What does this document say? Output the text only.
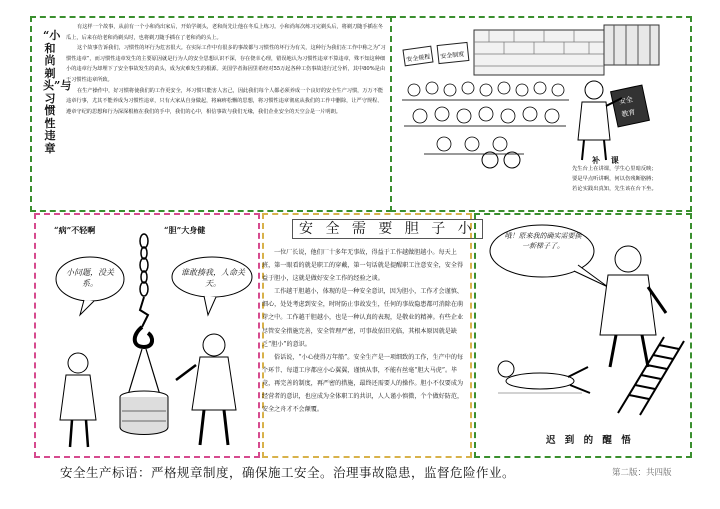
“小和尚剃头”与习惯性违章

有这样一个故事，从前有一个小和尚出家后，开始学剃头，老和尚先让他在冬瓜上练习。小和尚每次练习完剃头后，将剃刀随手插在冬瓜上，后来在给老和尚剃头时，也将剃刀随手插在了老和尚的头上。

这个故事告诉我们，习惯性的坏行为危害很大。在实际工作中有很多的事故都与习惯性的坏行为有关，这种行为我们在工作中称之为“习惯性违章”，而习惯性违章发生的主要原因就是行为人的安全思想认识不深，存在侥幸心理，错误地认为习惯性违章不算违章，殊不知这种细小的违章行为却埋下了安全事故发生的苗头，成为灾难发生的根源。美国学者海因里希经对55万起各种工伤事故进行过分析，其中80%是由于习惯性违章所致。

在生产操作中，好习惯将使我们的工作更安全，坏习惯只能害人害己，因此我们每个人都必须养成一个良好的安全生产习惯，万万不能违章行事，尤其不能养成为习惯性违章，只有大家从自身做起，将麻痹松懈的思想，将习惯性违章彻底从我们的工作中删除，让严守规程、遵章守纪的思想和行为深深根植在我们的手中，我们的心中，相信事故与我们无缘，我们企业安全的天空会是一片明朗。

安全规程 安全制度
安全
教育
补 课
先生台上在讲课，学生心里暗反映；
要是早点听讲啊，何以伤残断胳膊；
若论实践出真知，先生该在台下坐。
“病”不轻啊	“胆”大身健
小问题，没关系。
谁敢揍我，人命关天。
安 全 需 要 胆 子 小

一位厂长说，他们厂十多年无事故，得益于工作越做胆越小。每天上班，第一眼看的就是职工的穿戴，第一句话就是提醒职工注意安全，安全得益于胆小，这就是做好安全工作的经验之谈。

工作越干胆越小，体现的是一种安全意识，因为胆小，工作才会谨慎、细心，处处考虑到安全，时时防止事故发生，任何的事故隐患都可消除在萌芽之中。工作越干胆越小，也是一种认真的表现，是敬业的精神。有些企业尽管安全措施完善，安全管理严密，可事故依旧光临，其根本原因就是缺乏“胆小”的意识。

俗话说，“小心使得万年船”。安全生产是一项细致的工作，生产中的每个环节、每道工序都应小心翼翼，谨慎从事，不能有丝毫“胆大马虎”。毕竟，再完善的制度，再严密的措施，最终还需要人的操作。胆小不仅要成为经营者的意识，也应成为全体职工的共识，人人谨小慎微，个个做好防范，安全之舟才不会颠覆。

哦！原来我的确实需要换一新梯子了。
迟 到 的 醒 悟
安全生产标语：严格规章制度，确保施工安全。治理事故隐患，监督危险作业。	第二版：共四版
